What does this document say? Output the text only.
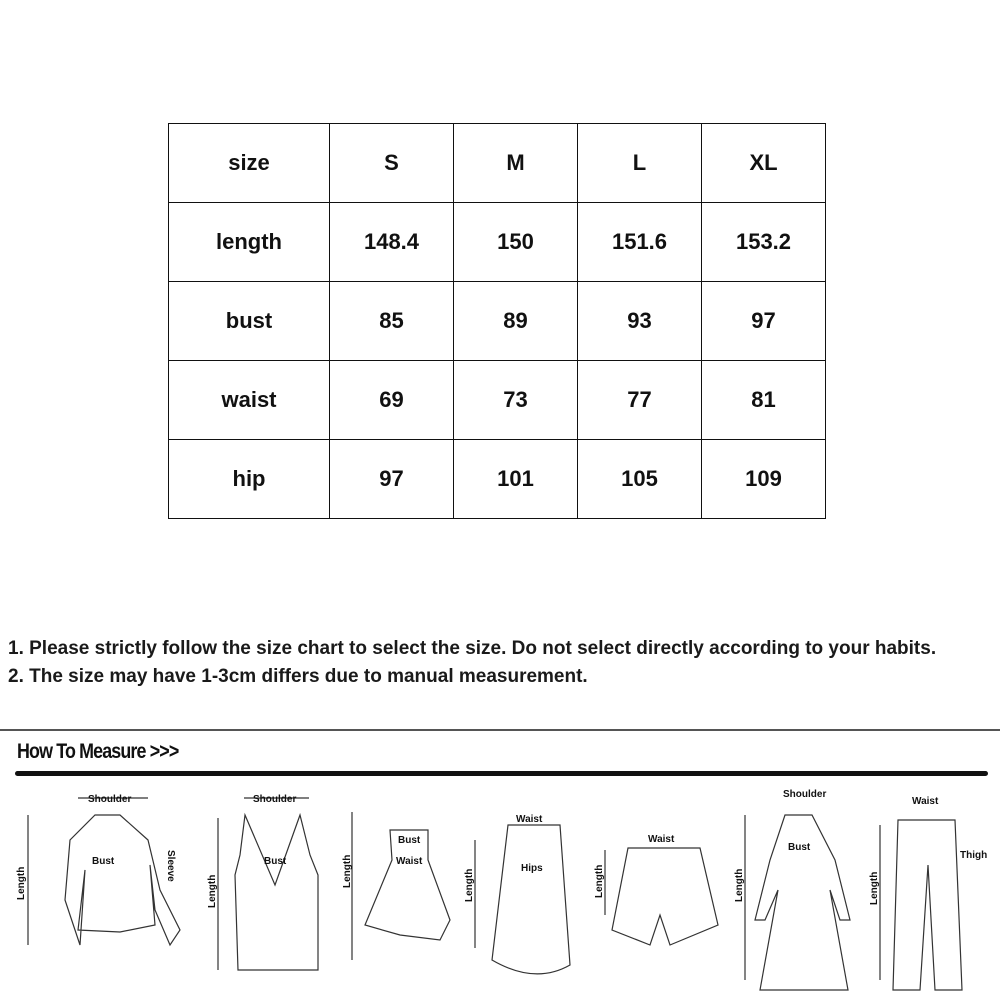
size	S	M	L	XL
length	148.4	150	151.6	153.2
bust	85	89	93	97
waist	69	73	77	81
hip	97	101	105	109
1. Please strictly follow the size chart to select the size. Do not select directly according to your habits.
2. The size may have 1-3cm differs due to manual measurement.
How To Measure >>>
Shoulder
Bust
Length
Sleeve
Shoulder
Bust
Length
Bust
Waist
Length
Waist
Hips
Length
Waist
Length
Shoulder
Bust
Length
Waist
Thigh
Length
